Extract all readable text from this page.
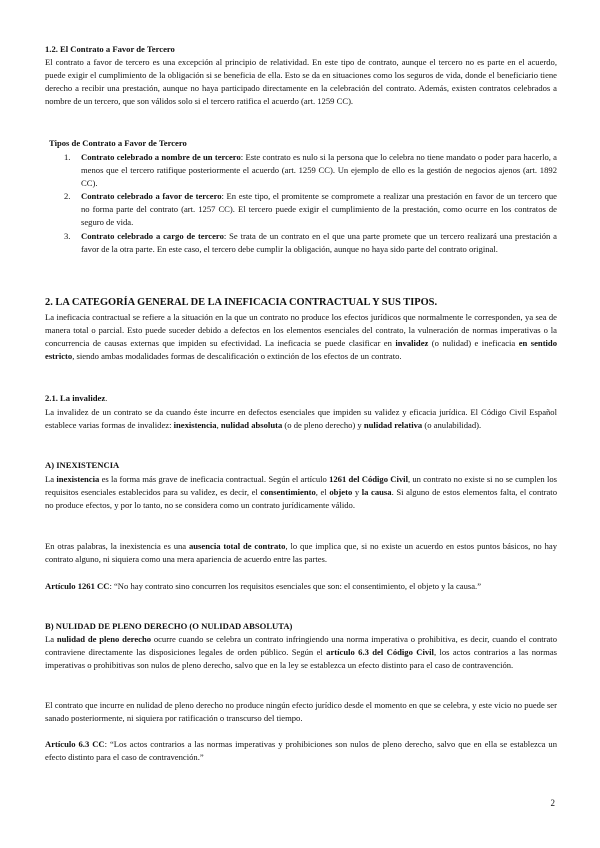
1.2. El Contrato a Favor de Tercero
El contrato a favor de tercero es una excepción al principio de relatividad. En este tipo de contrato, aunque el tercero no es parte en el acuerdo, puede exigir el cumplimiento de la obligación si se beneficia de ella. Esto se da en situaciones como los seguros de vida, donde el beneficiario tiene derecho a recibir una prestación, aunque no haya participado directamente en la celebración del contrato. Además, existen contratos celebrados a nombre de un tercero, que son válidos solo si el tercero ratifica el acuerdo (art. 1259 CC).
Tipos de Contrato a Favor de Tercero
1. Contrato celebrado a nombre de un tercero: Este contrato es nulo si la persona que lo celebra no tiene mandato o poder para hacerlo, a menos que el tercero ratifique posteriormente el acuerdo (art. 1259 CC). Un ejemplo de ello es la gestión de negocios ajenos (art. 1892 CC).
2. Contrato celebrado a favor de tercero: En este tipo, el promitente se compromete a realizar una prestación en favor de un tercero que no forma parte del contrato (art. 1257 CC). El tercero puede exigir el cumplimiento de la prestación, como ocurre en los contratos de seguro de vida.
3. Contrato celebrado a cargo de tercero: Se trata de un contrato en el que una parte promete que un tercero realizará una prestación a favor de la otra parte. En este caso, el tercero debe cumplir la obligación, aunque no haya sido parte del contrato original.
2. LA CATEGORÍA GENERAL DE LA INEFICACIA CONTRACTUAL Y SUS TIPOS.
La ineficacia contractual se refiere a la situación en la que un contrato no produce los efectos jurídicos que normalmente le corresponden, ya sea de manera total o parcial. Esto puede suceder debido a defectos en los elementos esenciales del contrato, la vulneración de normas imperativas o la concurrencia de causas externas que impiden su efectividad. La ineficacia se puede clasificar en invalidez (o nulidad) e ineficacia en sentido estricto, siendo ambas modalidades formas de descalificación o extinción de los efectos de un contrato.
2.1. La invalidez.
La invalidez de un contrato se da cuando éste incurre en defectos esenciales que impiden su validez y eficacia jurídica. El Código Civil Español establece varias formas de invalidez: inexistencia, nulidad absoluta (o de pleno derecho) y nulidad relativa (o anulabilidad).
A) INEXISTENCIA
La inexistencia es la forma más grave de ineficacia contractual. Según el artículo 1261 del Código Civil, un contrato no existe si no se cumplen los requisitos esenciales establecidos para su validez, es decir, el consentimiento, el objeto y la causa. Si alguno de estos elementos falta, el contrato no produce efectos, y por lo tanto, no se considera como un contrato jurídicamente válido.
En otras palabras, la inexistencia es una ausencia total de contrato, lo que implica que, si no existe un acuerdo en estos puntos básicos, no hay contrato alguno, ni siquiera como una mera apariencia de acuerdo entre las partes.
Artículo 1261 CC: “No hay contrato sino concurren los requisitos esenciales que son: el consentimiento, el objeto y la causa.”
B) NULIDAD DE PLENO DERECHO (O NULIDAD ABSOLUTA)
La nulidad de pleno derecho ocurre cuando se celebra un contrato infringiendo una norma imperativa o prohibitiva, es decir, cuando el contrato contraviene directamente las disposiciones legales de orden público. Según el artículo 6.3 del Código Civil, los actos contrarios a las normas imperativas o prohibitivas son nulos de pleno derecho, salvo que en la ley se establezca un efecto distinto para el caso de contravención.
El contrato que incurre en nulidad de pleno derecho no produce ningún efecto jurídico desde el momento en que se celebra, y este vicio no puede ser sanado posteriormente, ni siquiera por ratificación o transcurso del tiempo.
Artículo 6.3 CC: “Los actos contrarios a las normas imperativas y prohibiciones son nulos de pleno derecho, salvo que en ella se establezca un efecto distinto para el caso de contravención.”
2
